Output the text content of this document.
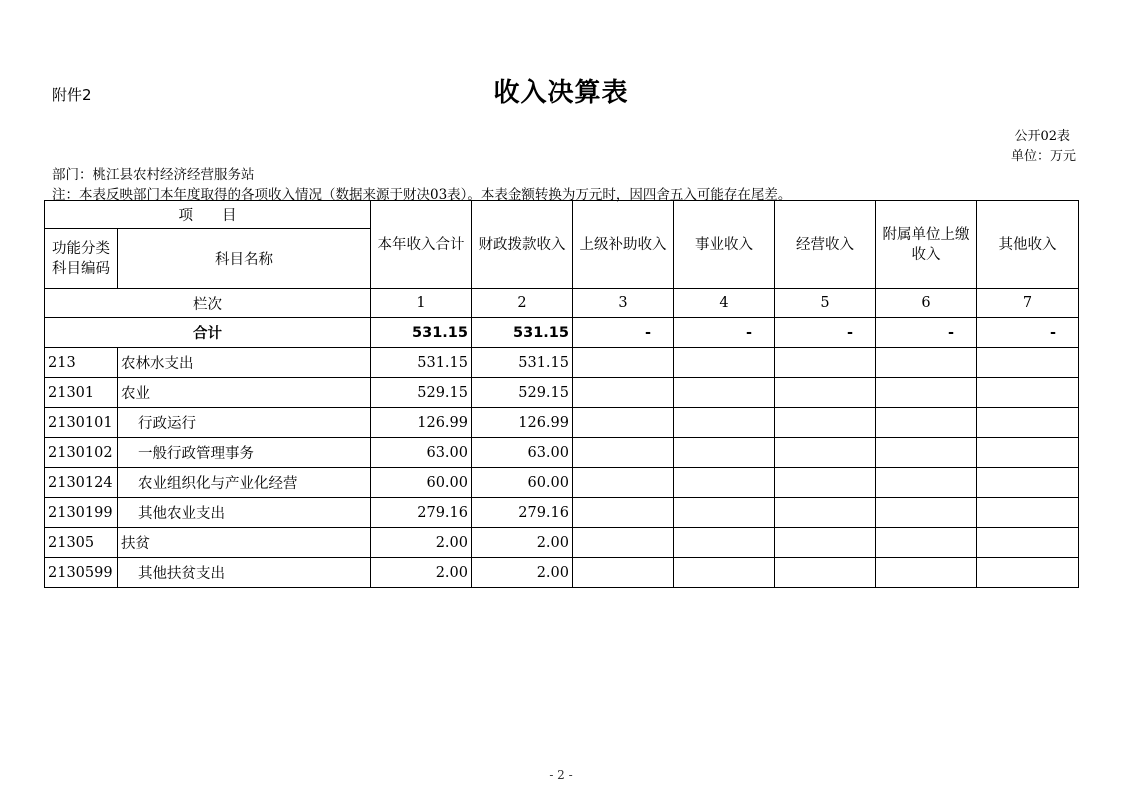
附件2	收入决算表
公开02表
单位：万元
部门：桃江县农村经济经营服务站
注：本表反映部门本年度取得的各项收入情况（数据来源于财决03表）。本表金额转换为万元时，因四舍五入可能存在尾差。
项　　目		本年收入合计	财政拨款收入	上级补助收入	事业收入	经营收入	附属单位上缴收入	其他收入
功能分类科目编码	科目名称							
栏次		1	2	3	4	5	6	7
合计		531.15	531.15	-	-	-	-	-
213	农林水支出	531.15	531.15					
21301	农业	529.15	529.15					
2130101	行政运行	126.99	126.99					
2130102	一般行政管理事务	63.00	63.00					
2130124	农业组织化与产业化经营	60.00	60.00					
2130199	其他农业支出	279.16	279.16					
21305	扶贫	2.00	2.00					
2130599	其他扶贫支出	2.00	2.00					
- 2 -
